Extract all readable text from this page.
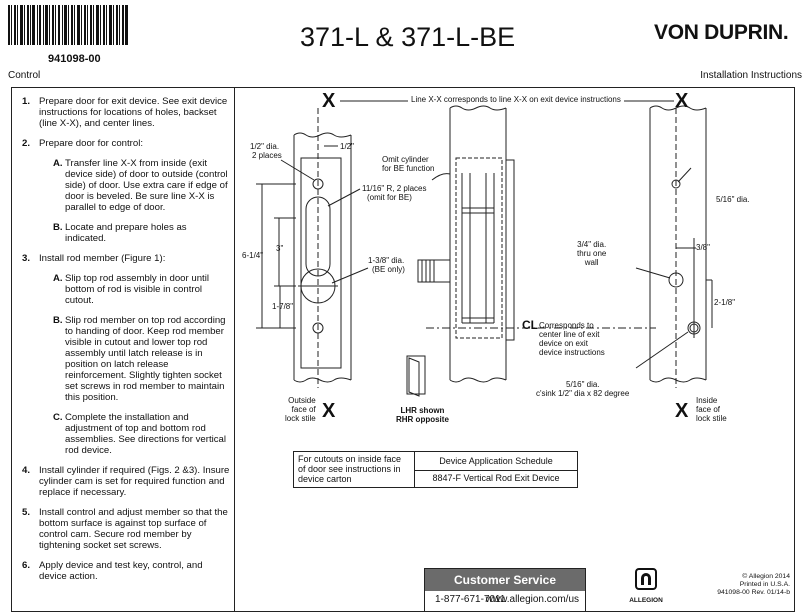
941098-00
Control
371-L & 371-L-BE	VON DUPRIN.
Installation Instructions
1. Prepare door for exit device. See exit device instructions for locations of holes, backset (line X-X), and center lines.
2. Prepare door for control:
A. Transfer line X-X from inside (exit device side) of door to outside (control side) of door. Use extra care if edge of door is beveled. Be sure line X-X is parallel to edge of door.
B. Locate and prepare holes as indicated.
3. Install rod member (Figure 1):
A. Slip top rod assembly in door until bottom of rod is visible in control cutout.
B. Slip rod member on top rod according to handing of door. Keep rod member visible in cutout and lower top rod assembly until latch release is in position on latch release reinforcement. Slightly tighten socket set screws in rod member to maintain this position.
C. Complete the installation and adjustment of top and bottom rod assemblies. See directions for vertical rod device.
4. Install cylinder if required (Figs. 2 &3). Insure cylinder cam is set for required function and replace if necessary.
5. Install control and adjust member so that the bottom surface is against top surface of control cam. Secure rod member by tightening socket set screws.
6. Apply device and test key, control, and device action.
X	X
X	X
Line X-X corresponds to line X-X on exit device instructions
1/2" dia.
2 places
1/2"
11/16" R, 2 places
(omit for BE)
6-1/4"
3"
1-7/8"
1-3/8" dia.
(BE only)
Outside
face of
lock stile
Omit cylinder
for BE function
CL Corresponds to
center line of exit
device on exit
device instructions
LHR shown
RHR opposite
5/16" dia.
c'sink 1/2" dia x 82 degree
5/16" dia.
3/4" dia.
thru one
wall
3/8"
2-1/8"
Inside
face of
lock stile
For cutouts on inside face of door see instructions in device carton
Device Application Schedule
8847-F Vertical Rod Exit Device
Customer Service
1-877-671-7011
www.allegion.com/us	ALLEGION
© Allegion 2014
Printed in U.S.A.
941098-00 Rev. 01/14-b
